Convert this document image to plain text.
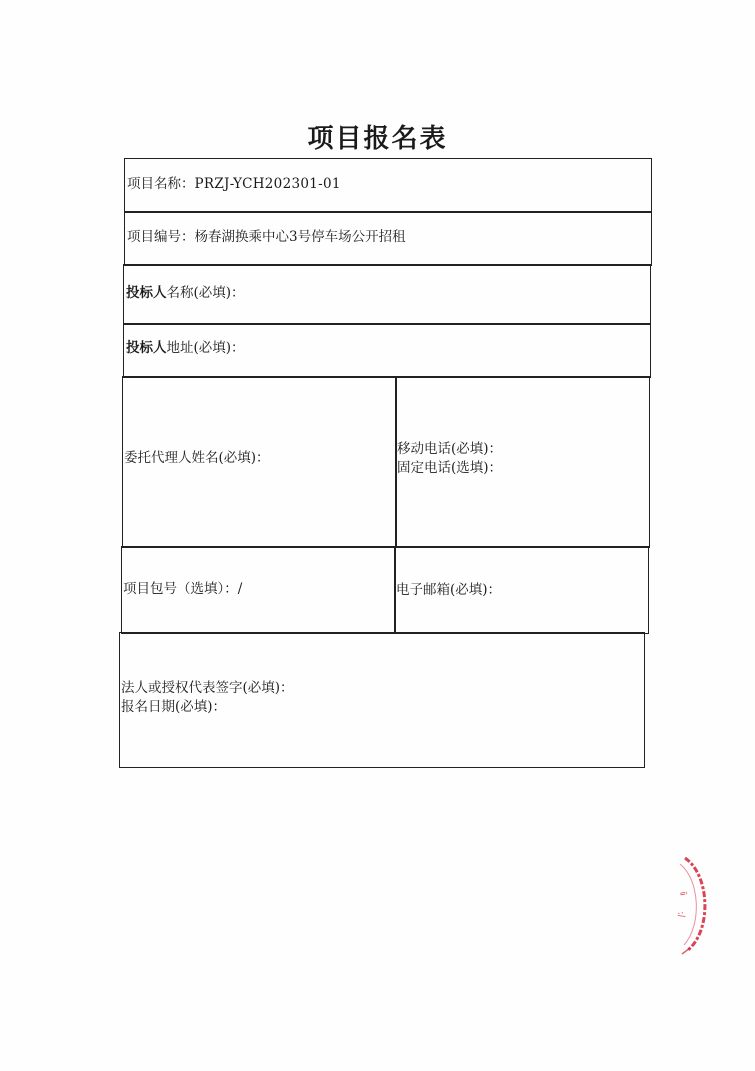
项目报名表
项目名称：PRZJ-YCH202301-01
项目编号：杨春湖换乘中心3号停车场公开招租
投标人名称(必填)：
投标人地址(必填)：
委托代理人姓名(必填)：
移动电话(必填)：
固定电话(选填)：
项目包号（选填）：/	电子邮箱(必填)：
法人或授权代表签字(必填)：
报名日期(必填)：
ⅱ
:/
